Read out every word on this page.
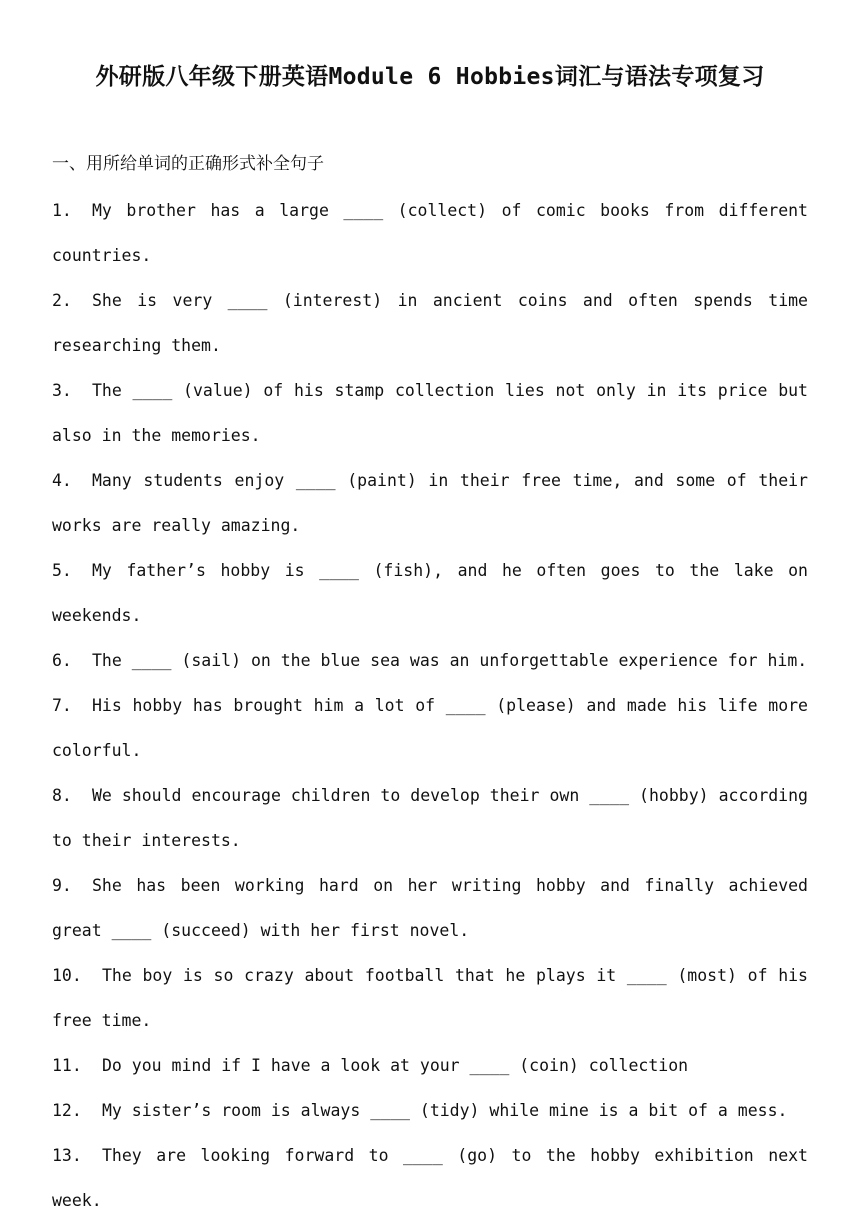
外研版八年级下册英语Module 6 Hobbies词汇与语法专项复习
一、用所给单词的正确形式补全句子
1. My brother has a large ____ (collect) of comic books from different countries.
2. She is very ____ (interest) in ancient coins and often spends time researching them.
3. The ____ (value) of his stamp collection lies not only in its price but also in the memories.
4. Many students enjoy ____ (paint) in their free time, and some of their works are really amazing.
5. My father’s hobby is ____ (fish), and he often goes to the lake on weekends.
6. The ____ (sail) on the blue sea was an unforgettable experience for him.
7. His hobby has brought him a lot of ____ (please) and made his life more colorful.
8. We should encourage children to develop their own ____ (hobby) according to their interests.
9. She has been working hard on her writing hobby and finally achieved great ____ (succeed) with her first novel.
10. The boy is so crazy about football that he plays it ____ (most) of his free time.
11. Do you mind if I have a look at your ____ (coin) collection
12. My sister’s room is always ____ (tidy) while mine is a bit of a mess.
13. They are looking forward to ____ (go) to the hobby exhibition next week.
